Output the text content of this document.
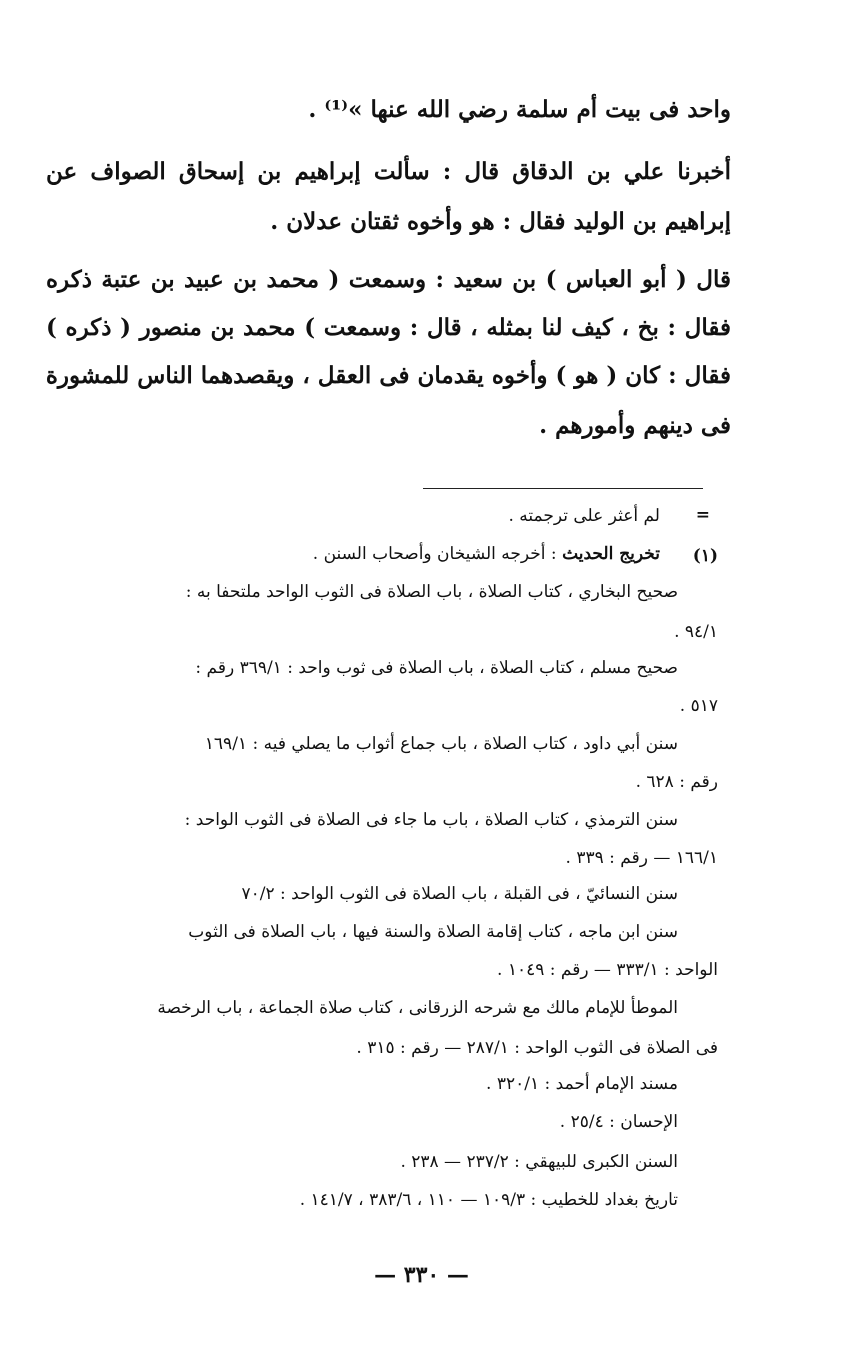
واحد فى بيت أم سلمة رضي الله عنها »⁽¹⁾ .
أخبرنا علي بن الدقاق قال : سألت إبراهيم بن إسحاق الصواف عن
إبراهيم بن الوليد فقال : هو وأخوه ثقتان عدلان .
قال ( أبو العباس ) بن سعيد : وسمعت ( محمد بن عبيد بن عتبة ذكره
فقال : بخ ، كيف لنا بمثله ، قال : وسمعت ) محمد بن منصور ( ذكره )
فقال : كان ( هو ) وأخوه يقدمان فى العقل ، ويقصدهما الناس للمشورة
فى دينهم وأمورهم .
=
لم أعثر على ترجمته .
(١)
تخريج الحديث : أخرجه الشيخان وأصحاب السنن .
صحيح البخاري ، كتاب الصلاة ، باب الصلاة فى الثوب الواحد ملتحفا به :
٩٤/١ .
صحيح مسلم ، كتاب الصلاة ، باب الصلاة فى ثوب واحد : ٣٦٩/١ رقم :
٥١٧ .
سنن أبي داود ، كتاب الصلاة ، باب جماع أثواب ما يصلي فيه : ١٦٩/١
رقم : ٦٢٨ .
سنن الترمذي ، كتاب الصلاة ، باب ما جاء فى الصلاة فى الثوب الواحد :
١٦٦/١ — رقم : ٣٣٩ .
سنن النسائيّ ، فى القبلة ، باب الصلاة فى الثوب الواحد : ٧٠/٢
سنن ابن ماجه ، كتاب إقامة الصلاة والسنة فيها ، باب الصلاة فى الثوب
الواحد : ٣٣٣/١ — رقم : ١٠٤٩ .
الموطأ للإمام مالك مع شرحه الزرقانى ، كتاب صلاة الجماعة ، باب الرخصة
فى الصلاة فى الثوب الواحد : ٢٨٧/١ — رقم : ٣١٥ .
مسند الإمام أحمد : ٣٢٠/١ .
الإحسان : ٢٥/٤ .
السنن الكبرى للبيهقي : ٢٣٧/٢ — ٢٣٨ .
تاريخ بغداد للخطيب : ١٠٩/٣ — ١١٠ ، ٣٨٣/٦ ، ١٤١/٧ .
— ٣٣٠ —
